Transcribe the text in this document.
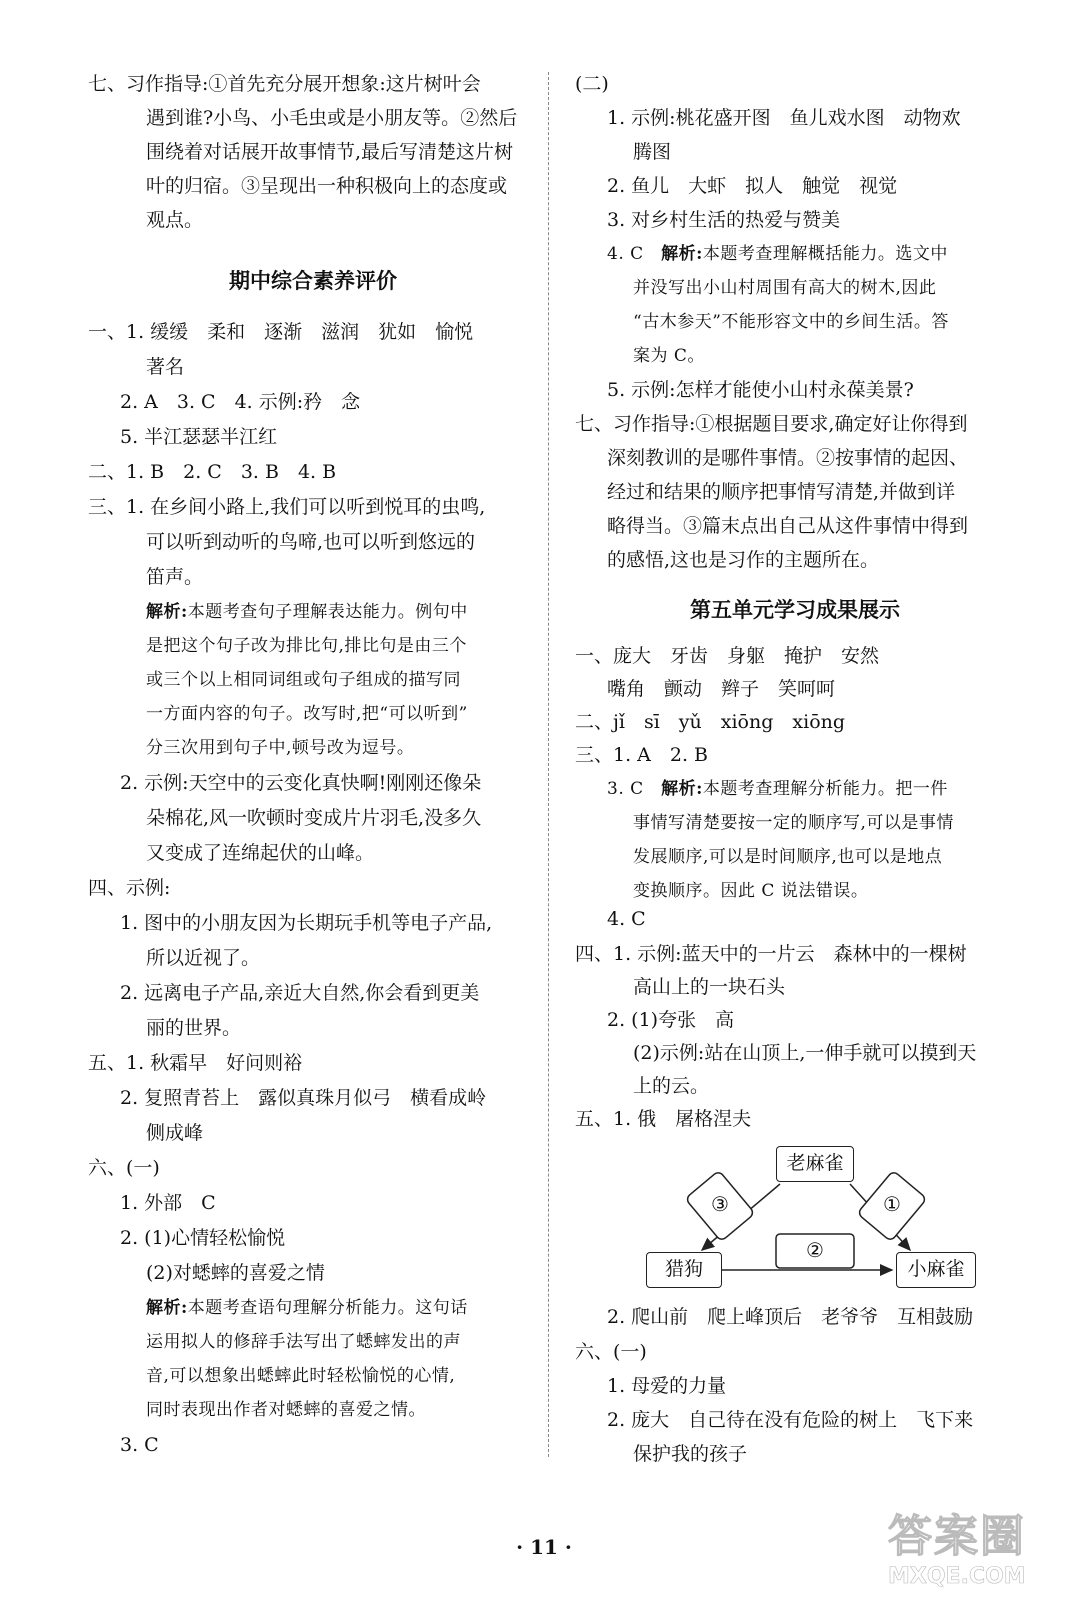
七、习作指导:①首先充分展开想象:这片树叶会
遇到谁?小鸟、小毛虫或是小朋友等。②然后
围绕着对话展开故事情节,最后写清楚这片树
叶的归宿。③呈现出一种积极向上的态度或
观点。
期中综合素养评价
一、1. 缓缓　柔和　逐渐　滋润　犹如　愉悦
著名
2. A　3. C　4. 示例:矜　念
5. 半江瑟瑟半江红
二、1. B　2. C　3. B　4. B
三、1. 在乡间小路上,我们可以听到悦耳的虫鸣,
可以听到动听的鸟啼,也可以听到悠远的
笛声。
解析:本题考查句子理解表达能力。例句中
是把这个句子改为排比句,排比句是由三个
或三个以上相同词组或句子组成的描写同
一方面内容的句子。改写时,把“可以听到”
分三次用到句子中,顿号改为逗号。
2. 示例:天空中的云变化真快啊!刚刚还像朵
朵棉花,风一吹顿时变成片片羽毛,没多久
又变成了连绵起伏的山峰。
四、示例:
1. 图中的小朋友因为长期玩手机等电子产品,
所以近视了。
2. 远离电子产品,亲近大自然,你会看到更美
丽的世界。
五、1. 秋霜早　好问则裕
2. 复照青苔上　露似真珠月似弓　横看成岭
侧成峰
六、(一)
1. 外部　C
2. (1)心情轻松愉悦
(2)对蟋蟀的喜爱之情
解析:本题考查语句理解分析能力。这句话
运用拟人的修辞手法写出了蟋蟀发出的声
音,可以想象出蟋蟀此时轻松愉悦的心情,
同时表现出作者对蟋蟀的喜爱之情。
3. C
(二)
1. 示例:桃花盛开图　鱼儿戏水图　动物欢
腾图
2. 鱼儿　大虾　拟人　触觉　视觉
3. 对乡村生活的热爱与赞美
4. C　解析:本题考查理解概括能力。选文中
并没写出小山村周围有高大的树木,因此
“古木参天”不能形容文中的乡间生活。答
案为 C。
5. 示例:怎样才能使小山村永葆美景?
七、习作指导:①根据题目要求,确定好让你得到
深刻教训的是哪件事情。②按事情的起因、
经过和结果的顺序把事情写清楚,并做到详
略得当。③篇末点出自己从这件事情中得到
的感悟,这也是习作的主题所在。
第五单元学习成果展示
一、庞大　牙齿　身躯　掩护　安然
嘴角　颤动　辫子　笑呵呵
二、jǐ　sī　yǔ　xiōng　xiōng
三、1. A　2. B
3. C　解析:本题考查理解分析能力。把一件
事情写清楚要按一定的顺序写,可以是事情
发展顺序,可以是时间顺序,也可以是地点
变换顺序。因此 C 说法错误。
4. C
四、1. 示例:蓝天中的一片云　森林中的一棵树
高山上的一块石头
2. (1)夸张　高
(2)示例:站在山顶上,一伸手就可以摸到天
上的云。
五、1. 俄　屠格涅夫
2. 爬山前　爬上峰顶后　老爷爷　互相鼓励
六、(一)
1. 母爱的力量
2. 庞大　自己待在没有危险的树上　飞下来
保护我的孩子
老麻雀
猎狗	小麻雀
③	①
②
· 11 ·	答案圈
MXQE.COM
